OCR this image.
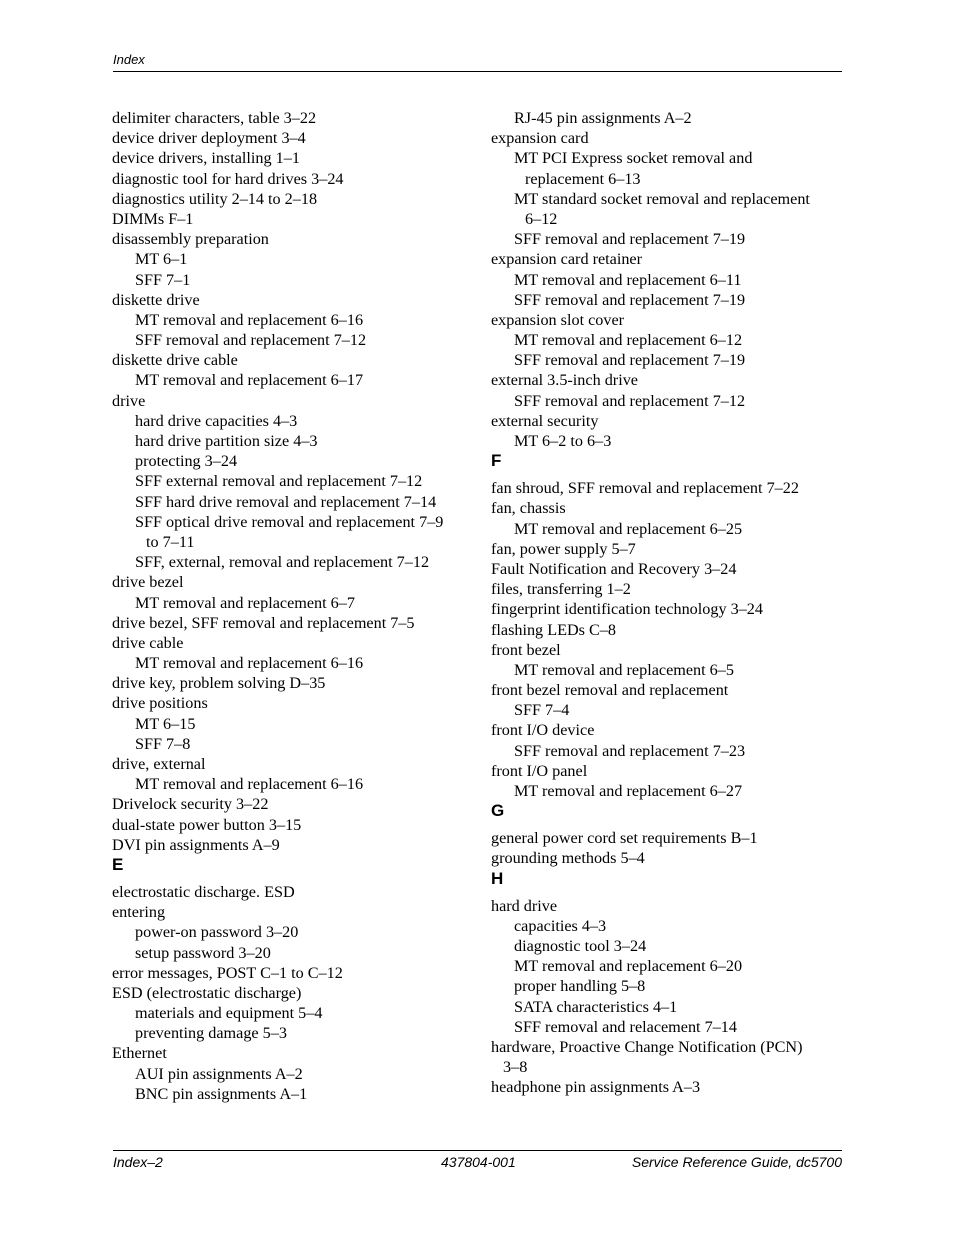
Index
delimiter characters, table 3–22
device driver deployment 3–4
device drivers, installing 1–1
diagnostic tool for hard drives 3–24
diagnostics utility 2–14 to 2–18
DIMMs F–1
disassembly preparation
MT 6–1
SFF 7–1
diskette drive
MT removal and replacement 6–16
SFF removal and replacement 7–12
diskette drive cable
MT removal and replacement 6–17
drive
hard drive capacities 4–3
hard drive partition size 4–3
protecting 3–24
SFF external removal and replacement 7–12
SFF hard drive removal and replacement 7–14
SFF optical drive removal and replacement 7–9
to 7–11
SFF, external, removal and replacement 7–12
drive bezel
MT removal and replacement 6–7
drive bezel, SFF removal and replacement 7–5
drive cable
MT removal and replacement 6–16
drive key, problem solving D–35
drive positions
MT 6–15
SFF 7–8
drive, external
MT removal and replacement 6–16
Drivelock security 3–22
dual-state power button 3–15
DVI pin assignments A–9
E
electrostatic discharge. ESD
entering
power-on password 3–20
setup password 3–20
error messages, POST C–1 to C–12
ESD (electrostatic discharge)
materials and equipment 5–4
preventing damage 5–3
Ethernet
AUI pin assignments A–2
BNC pin assignments A–1
RJ-45 pin assignments A–2
expansion card
MT PCI Express socket removal and
replacement 6–13
MT standard socket removal and replacement
6–12
SFF removal and replacement 7–19
expansion card retainer
MT removal and replacement 6–11
SFF removal and replacement 7–19
expansion slot cover
MT removal and replacement 6–12
SFF removal and replacement 7–19
external 3.5-inch drive
SFF removal and replacement 7–12
external security
MT 6–2 to 6–3
F
fan shroud, SFF removal and replacement 7–22
fan, chassis
MT removal and replacement 6–25
fan, power supply 5–7
Fault Notification and Recovery 3–24
files, transferring 1–2
fingerprint identification technology 3–24
flashing LEDs C–8
front bezel
MT removal and replacement 6–5
front bezel removal and replacement
SFF 7–4
front I/O device
SFF removal and replacement 7–23
front I/O panel
MT removal and replacement 6–27
G
general power cord set requirements B–1
grounding methods 5–4
H
hard drive
capacities 4–3
diagnostic tool 3–24
MT removal and replacement 6–20
proper handling 5–8
SATA characteristics 4–1
SFF removal and relacement 7–14
hardware, Proactive Change Notification (PCN)
3–8
headphone pin assignments A–3
Index–2	437804-001	Service Reference Guide, dc5700
